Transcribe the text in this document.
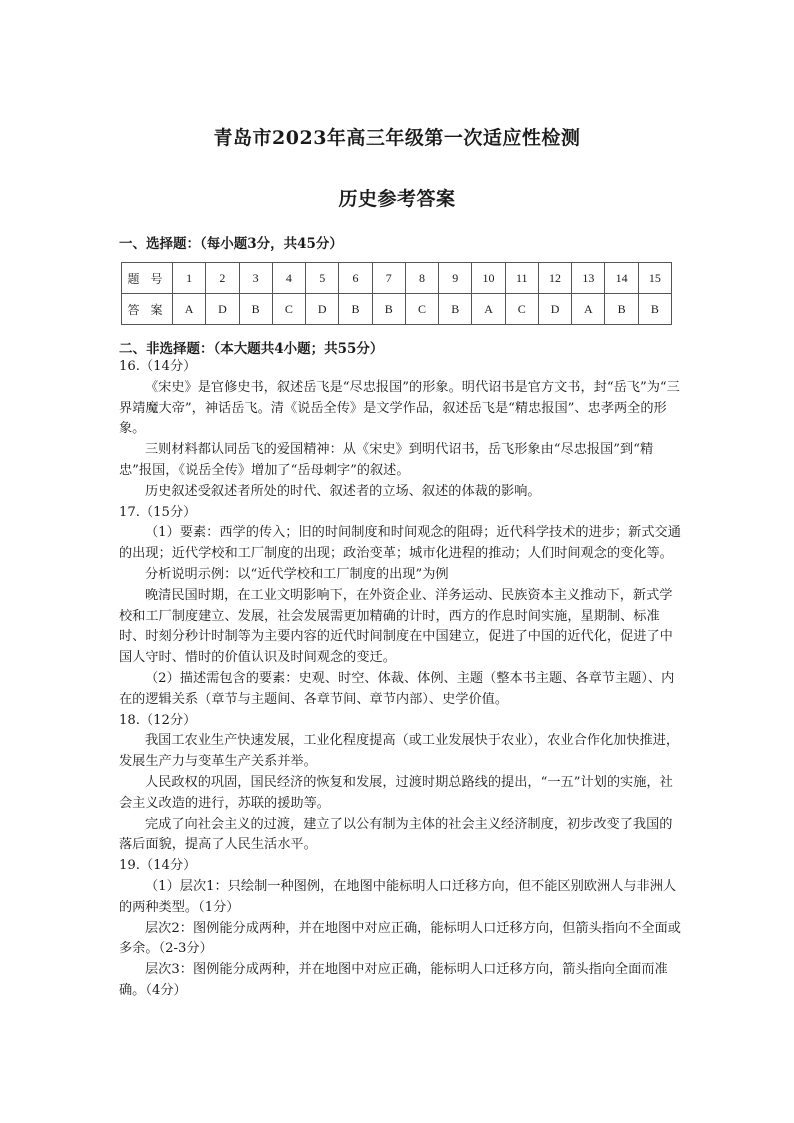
青岛市2023年高三年级第一次适应性检测
历史参考答案
一、选择题：（每小题3分，共45分）
题 号	1	2	3	4	5	6	7	8	9	10	11	12	13	14	15
答 案	A	D	B	C	D	B	B	C	B	A	C	D	A	B	B
二、非选择题：（本大题共4小题；共55分）

16.（14分）

《宋史》是官修史书，叙述岳飞是“尽忠报国”的形象。明代诏书是官方文书，封“岳飞”为“三界靖魔大帝”，神话岳飞。清《说岳全传》是文学作品，叙述岳飞是“精忠报国”、忠孝两全的形象。

三则材料都认同岳飞的爱国精神：从《宋史》到明代诏书，岳飞形象由“尽忠报国”到“精忠”报国，《说岳全传》增加了“岳母刺字”的叙述。

历史叙述受叙述者所处的时代、叙述者的立场、叙述的体裁的影响。

17.（15分）

（1）要素：西学的传入；旧的时间制度和时间观念的阻碍；近代科学技术的进步；新式交通的出现；近代学校和工厂制度的出现；政治变革；城市化进程的推动；人们时间观念的变化等。

分析说明示例：以“近代学校和工厂制度的出现”为例

晚清民国时期，在工业文明影响下，在外资企业、洋务运动、民族资本主义推动下，新式学校和工厂制度建立、发展，社会发展需更加精确的计时，西方的作息时间实施，星期制、标准时、时刻分秒计时制等为主要内容的近代时间制度在中国建立，促进了中国的近代化，促进了中国人守时、惜时的价值认识及时间观念的变迁。

（2）描述需包含的要素：史观、时空、体裁、体例、主题（整本书主题、各章节主题）、内在的逻辑关系（章节与主题间、各章节间、章节内部）、史学价值。

18.（12分）

我国工农业生产快速发展，工业化程度提高（或工业发展快于农业），农业合作化加快推进，发展生产力与变革生产关系并举。

人民政权的巩固，国民经济的恢复和发展，过渡时期总路线的提出，“一五”计划的实施，社会主义改造的进行，苏联的援助等。

完成了向社会主义的过渡，建立了以公有制为主体的社会主义经济制度，初步改变了我国的落后面貌，提高了人民生活水平。

19.（14分）

（1）层次1：只绘制一种图例，在地图中能标明人口迁移方向，但不能区别欧洲人与非洲人的两种类型。（1分）

层次2：图例能分成两种，并在地图中对应正确，能标明人口迁移方向，但箭头指向不全面或多余。（2-3分）

层次3：图例能分成两种，并在地图中对应正确，能标明人口迁移方向，箭头指向全面而准确。（4分）
